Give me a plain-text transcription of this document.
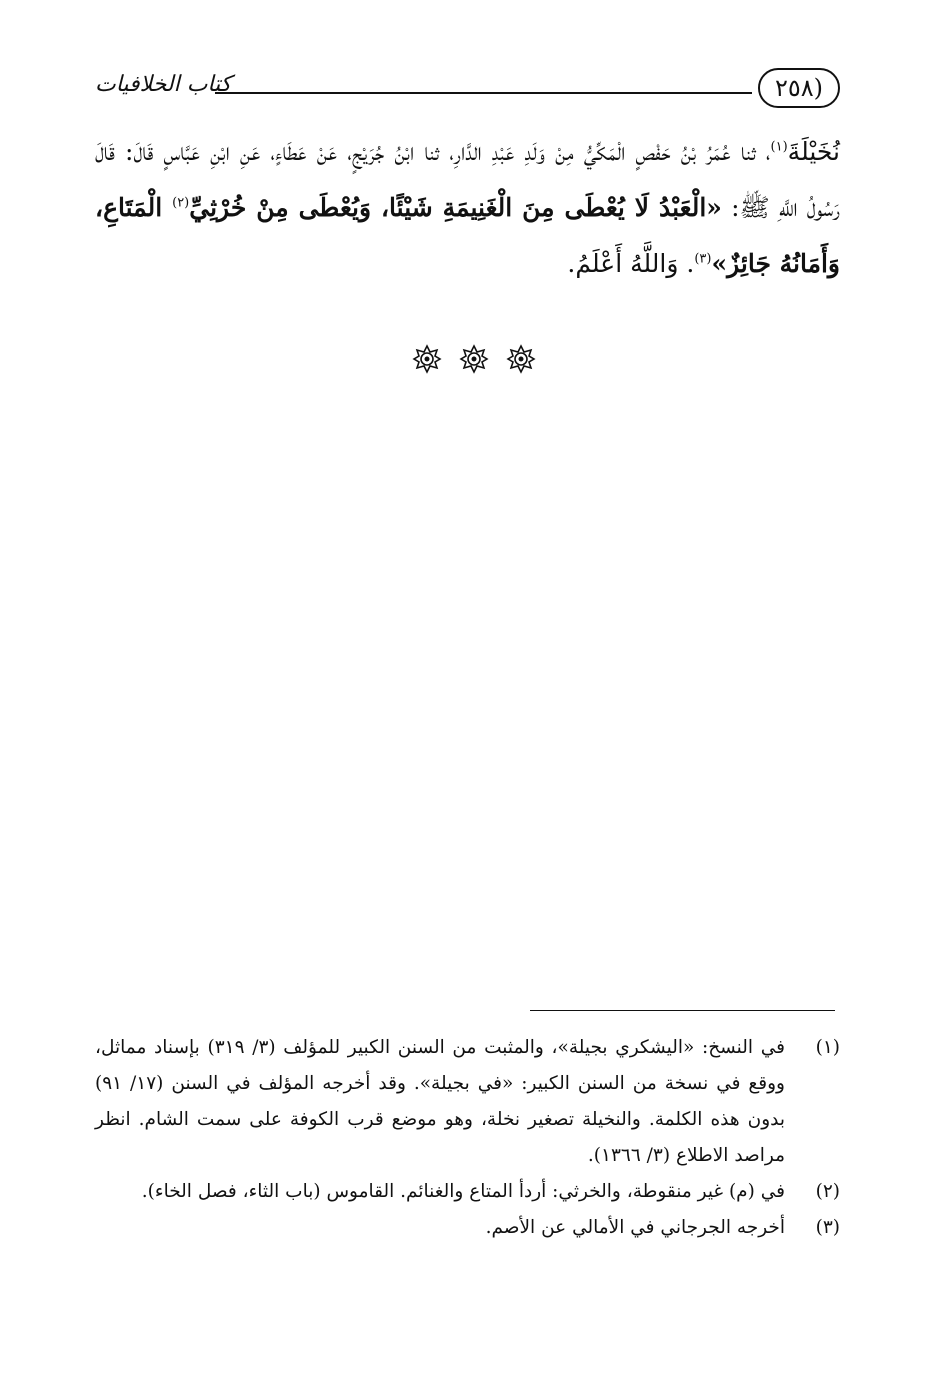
كتاب الخلافيات	(٢٥٨
نُخَيْلَةَ$^{(١)}$، ثنا عُمَرُ بْنُ حَفْصٍ الْمَكِّيُّ مِنْ وَلَدِ عَبْدِ الدَّارِ، ثنا ابْنُ جُرَيْجٍ، عَنْ عَطَاءٍ، عَنِ ابْنِ عَبَّاسٍ قَالَ: قَالَ رَسُولُ اللَّهِ ﷺ: «الْعَبْدُ لَا يُعْطَى مِنَ الْغَنِيمَةِ شَيْئًا، وَيُعْطَى مِنْ خُرْثِيِّ$^{(٢)}$ الْمَتَاعِ، وَأَمَانُهُ جَائِزٌ»$^{(٣)}$. وَاللَّهُ أَعْلَمُ.

(١)
في النسخ: «اليشكري بجيلة»، والمثبت من السنن الكبير للمؤلف (٣/ ٣١٩) بإسناد مماثل، ووقع في نسخة من السنن الكبير: «في بجيلة». وقد أخرجه المؤلف في السنن (١٧/ ٩١) بدون هذه الكلمة. والنخيلة تصغير نخلة، وهو موضع قرب الكوفة على سمت الشام. انظر مراصد الاطلاع (٣/ ١٣٦٦).
(٢)
في (م) غير منقوطة، والخرثي: أردأ المتاع والغنائم. القاموس (باب الثاء، فصل الخاء).
(٣)
أخرجه الجرجاني في الأمالي عن الأصم.
